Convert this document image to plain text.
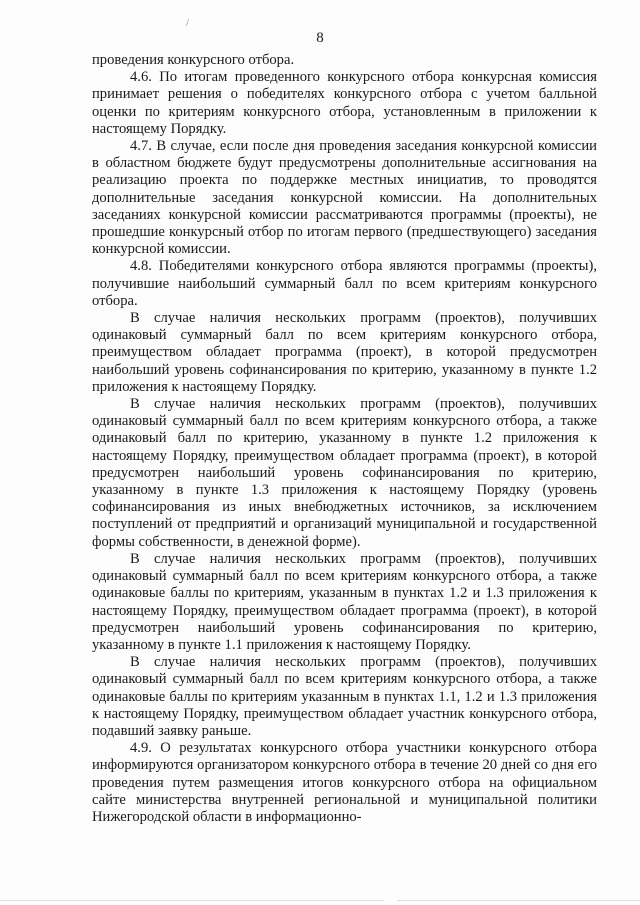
8
/

проведения конкурсного отбора.

4.6. По итогам проведенного конкурсного отбора конкурсная комиссия принимает решения о победителях конкурсного отбора с учетом балльной оценки по критериям конкурсного отбора, установленным в приложении к настоящему Порядку.

4.7. В случае, если после дня проведения заседания конкурсной комиссии в областном бюджете будут предусмотрены дополнительные ассигнования на реализацию проекта по поддержке местных инициатив, то проводятся дополнительные заседания конкурсной комиссии. На дополнительных заседаниях конкурсной комиссии рассматриваются программы (проекты), не прошедшие конкурсный отбор по итогам первого (предшествующего) заседания конкурсной комиссии.

4.8. Победителями конкурсного отбора являются программы (проекты), получившие наибольший суммарный балл по всем критериям конкурсного отбора.

В случае наличия нескольких программ (проектов), получивших одинаковый суммарный балл по всем критериям конкурсного отбора, преимуществом обладает программа (проект), в которой предусмотрен наибольший уровень софинансирования по критерию, указанному в пункте 1.2 приложения к настоящему Порядку.

В случае наличия нескольких программ (проектов), получивших одинаковый суммарный балл по всем критериям конкурсного отбора, а также одинаковый балл по критерию, указанному в пункте 1.2 приложения к настоящему Порядку, преимуществом обладает программа (проект), в которой предусмотрен наибольший уровень софинансирования по критерию, указанному в пункте 1.3 приложения к настоящему Порядку (уровень софинансирования из иных внебюджетных источников, за исключением поступлений от предприятий и организаций муниципальной и государственной формы собственности, в денежной форме).

В случае наличия нескольких программ (проектов), получивших одинаковый суммарный балл по всем критериям конкурсного отбора, а также одинаковые баллы по критериям, указанным в пунктах 1.2 и 1.3 приложения к настоящему Порядку, преимуществом обладает программа (проект), в которой предусмотрен наибольший уровень софинансирования по критерию, указанному в пункте 1.1 приложения к настоящему Порядку.

В случае наличия нескольких программ (проектов), получивших одинаковый суммарный балл по всем критериям конкурсного отбора, а также одинаковые баллы по критериям указанным в пунктах 1.1, 1.2 и 1.3 приложения к настоящему Порядку, преимуществом обладает участник конкурсного отбора, подавший заявку раньше.

4.9. О результатах конкурсного отбора участники конкурсного отбора информируются организатором конкурсного отбора в течение 20 дней со дня его проведения путем размещения итогов конкурсного отбора на официальном сайте министерства внутренней региональной и муниципальной политики Нижегородской области в информационно-
